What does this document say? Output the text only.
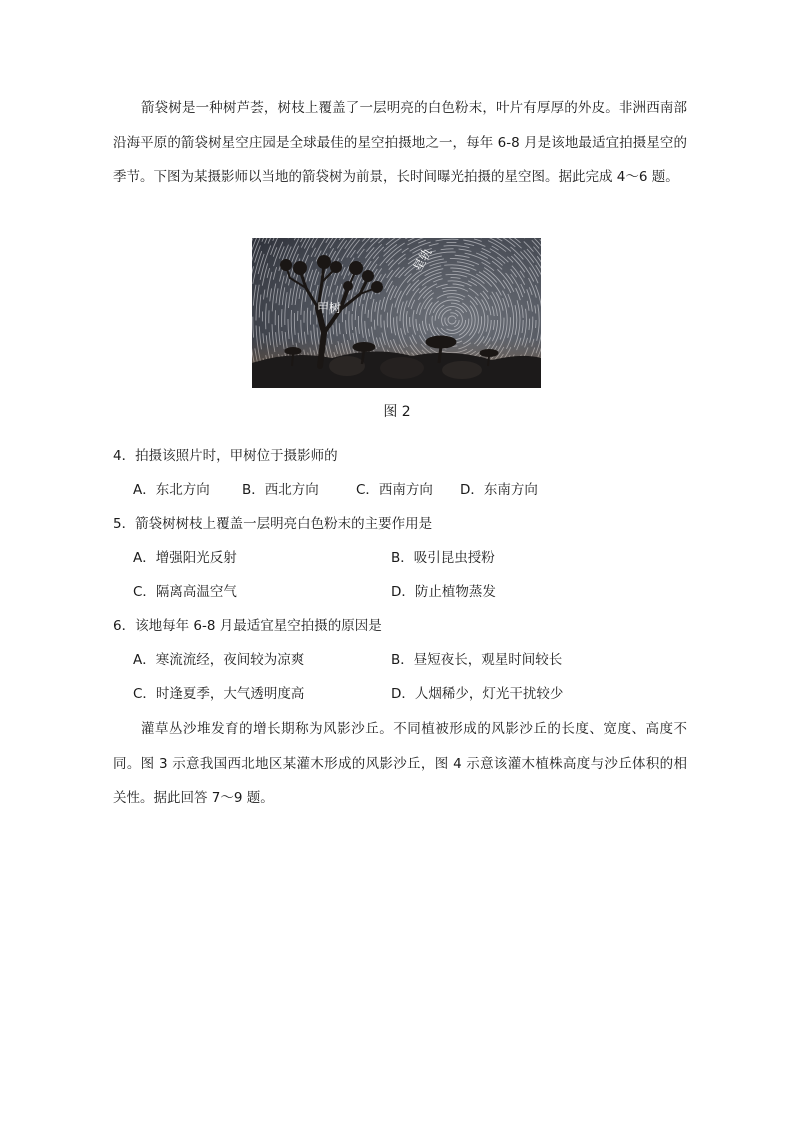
箭袋树是一种树芦荟，树枝上覆盖了一层明亮的白色粉末，叶片有厚厚的外皮。非洲西南部沿海平原的箭袋树星空庄园是全球最佳的星空拍摄地之一，每年 6-8 月是该地最适宜拍摄星空的季节。下图为某摄影师以当地的箭袋树为前景，长时间曝光拍摄的星空图。据此完成 4～6 题。

甲树
星轨

图 2

4．拍摄该照片时，甲树位于摄影师的

A．东北方向 B．西北方向	C．西南方向 D．东南方向

5．箭袋树树枝上覆盖一层明亮白色粉末的主要作用是

A．增强阳光反射	B．吸引昆虫授粉

C．隔离高温空气	D．防止植物蒸发

6．该地每年 6-8 月最适宜星空拍摄的原因是

A．寒流流经，夜间较为凉爽	B．昼短夜长，观星时间较长

C．时逢夏季，大气透明度高	D．人烟稀少，灯光干扰较少

灌草丛沙堆发育的增长期称为风影沙丘。不同植被形成的风影沙丘的长度、宽度、高度不同。图 3 示意我国西北地区某灌木形成的风影沙丘，图 4 示意该灌木植株高度与沙丘体积的相关性。据此回答 7～9 题。
